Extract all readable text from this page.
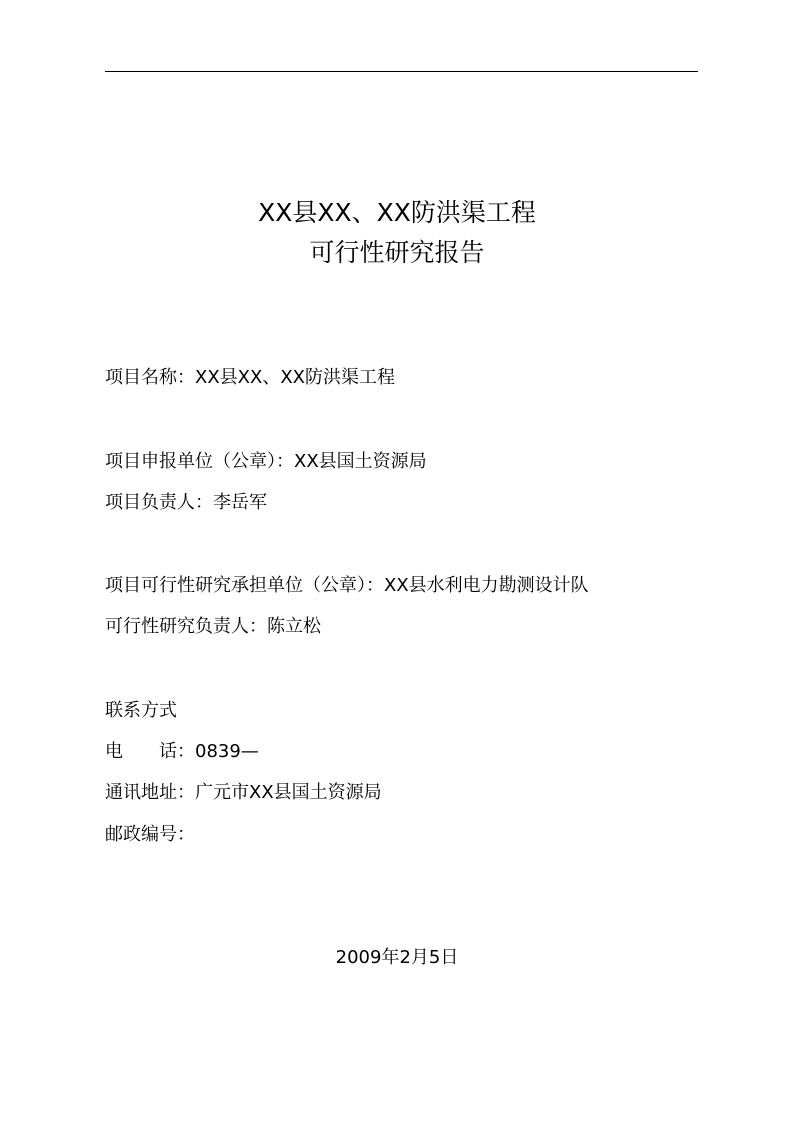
XX县XX、XX防洪渠工程
可行性研究报告
项目名称：XX县XX、XX防洪渠工程
项目申报单位（公章）：XX县国土资源局
项目负责人：李岳军
项目可行性研究承担单位（公章）：XX县水利电力勘测设计队
可行性研究负责人：陈立松
联系方式
电 话：0839—
通讯地址：广元市XX县国土资源局
邮政编号：
2009年2月5日
